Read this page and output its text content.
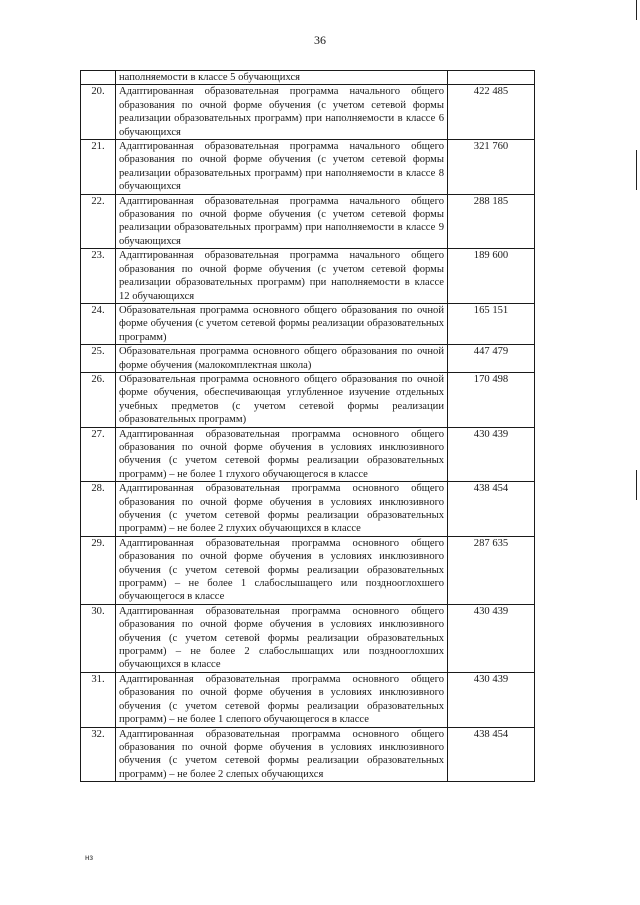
36
	наполняемости в классе 5 обучающихся	
20.	Адаптированная образовательная программа начального общего образования по очной форме обучения (с учетом сетевой формы реализации образовательных программ) при наполняемости в классе 6 обучающихся	422 485
21.	Адаптированная образовательная программа начального общего образования по очной форме обучения (с учетом сетевой формы реализации образовательных программ) при наполняемости в классе 8 обучающихся	321 760
22.	Адаптированная образовательная программа начального общего образования по очной форме обучения (с учетом сетевой формы реализации образовательных программ) при наполняемости в классе 9 обучающихся	288 185
23.	Адаптированная образовательная программа начального общего образования по очной форме обучения (с учетом сетевой формы реализации образовательных программ) при наполняемости в классе 12 обучающихся	189 600
24.	Образовательная программа основного общего образования по очной форме обучения (с учетом сетевой формы реализации образовательных программ)	165 151
25.	Образовательная программа основного общего образования по очной форме обучения (малокомплектная школа)	447 479
26.	Образовательная программа основного общего образования по очной форме обучения, обеспечивающая углубленное изучение отдельных учебных предметов (с учетом сетевой формы реализации образовательных программ)	170 498
27.	Адаптированная образовательная программа основного общего образования по очной форме обучения в условиях инклюзивного обучения (с учетом сетевой формы реализации образовательных программ) – не более 1 глухого обучающегося в классе	430 439
28.	Адаптированная образовательная программа основного общего образования по очной форме обучения в условиях инклюзивного обучения (с учетом сетевой формы реализации образовательных программ) – не более 2 глухих обучающихся в классе	438 454
29.	Адаптированная образовательная программа основного общего образования по очной форме обучения в условиях инклюзивного обучения (с учетом сетевой формы реализации образовательных программ) – не более 1 слабослышащего или позднооглохшего обучающегося в классе	287 635
30.	Адаптированная образовательная программа основного общего образования по очной форме обучения в условиях инклюзивного обучения (с учетом сетевой формы реализации образовательных программ) – не более 2 слабослышащих или позднооглохших обучающихся в классе	430 439
31.	Адаптированная образовательная программа основного общего образования по очной форме обучения в условиях инклюзивного обучения (с учетом сетевой формы реализации образовательных программ) – не более 1 слепого обучающегося в классе	430 439
32.	Адаптированная образовательная программа основного общего образования по очной форме обучения в условиях инклюзивного обучения (с учетом сетевой формы реализации образовательных программ) – не более 2 слепых обучающихся	438 454
нз
